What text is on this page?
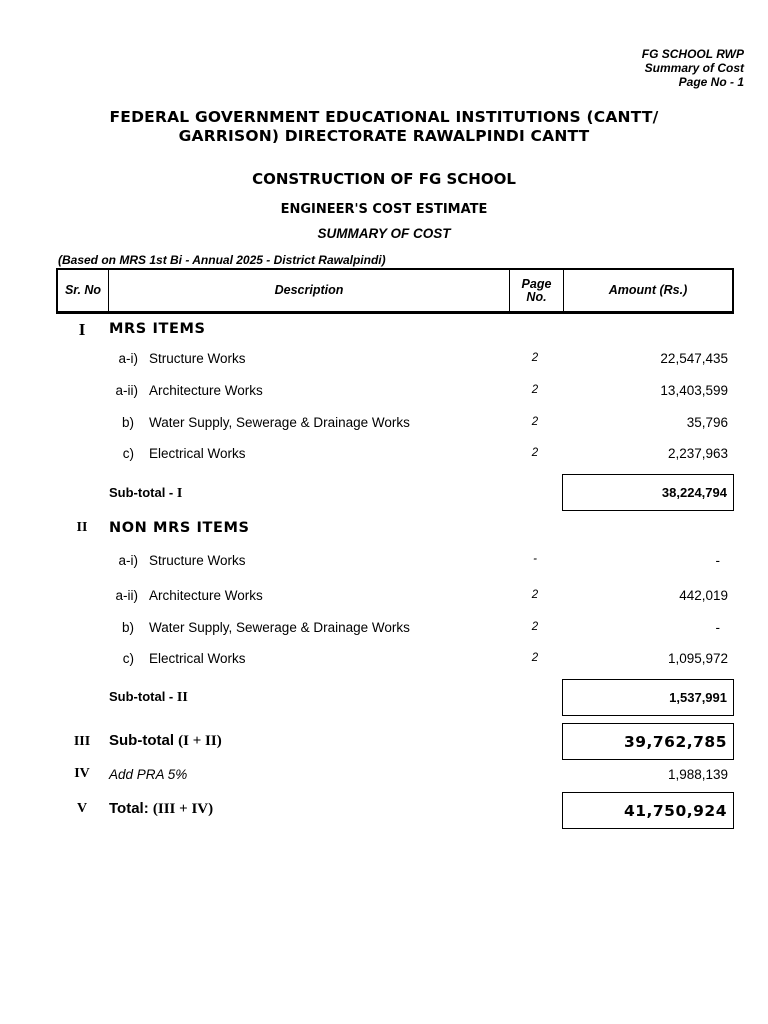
FG SCHOOL RWP
Summary of Cost
Page No - 1
FEDERAL GOVERNMENT EDUCATIONAL INSTITUTIONS (CANTT/
GARRISON) DIRECTORATE RAWALPINDI CANTT
CONSTRUCTION OF FG SCHOOL
ENGINEER'S COST ESTIMATE
SUMMARY OF COST
(Based on MRS 1st Bi - Annual 2025 - District Rawalpindi)
Sr. No	Description	Page No.	Amount (Rs.)
I	MRS ITEMS
a-i) Structure Works	2	22,547,435
a-ii) Architecture Works	2	13,403,599
b) Water Supply, Sewerage & Drainage Works	2	35,796
c) Electrical Works	2	2,237,963
Sub-total - I	38,224,794
II	NON MRS ITEMS
a-i) Structure Works	-	-
a-ii) Architecture Works	2	442,019
b) Water Supply, Sewerage & Drainage Works	2	-
c) Electrical Works	2	1,095,972
Sub-total - II	1,537,991
III	Sub-total (I + II)	39,762,785
IV	Add PRA 5%	1,988,139
V	Total: (III + IV)	41,750,924
